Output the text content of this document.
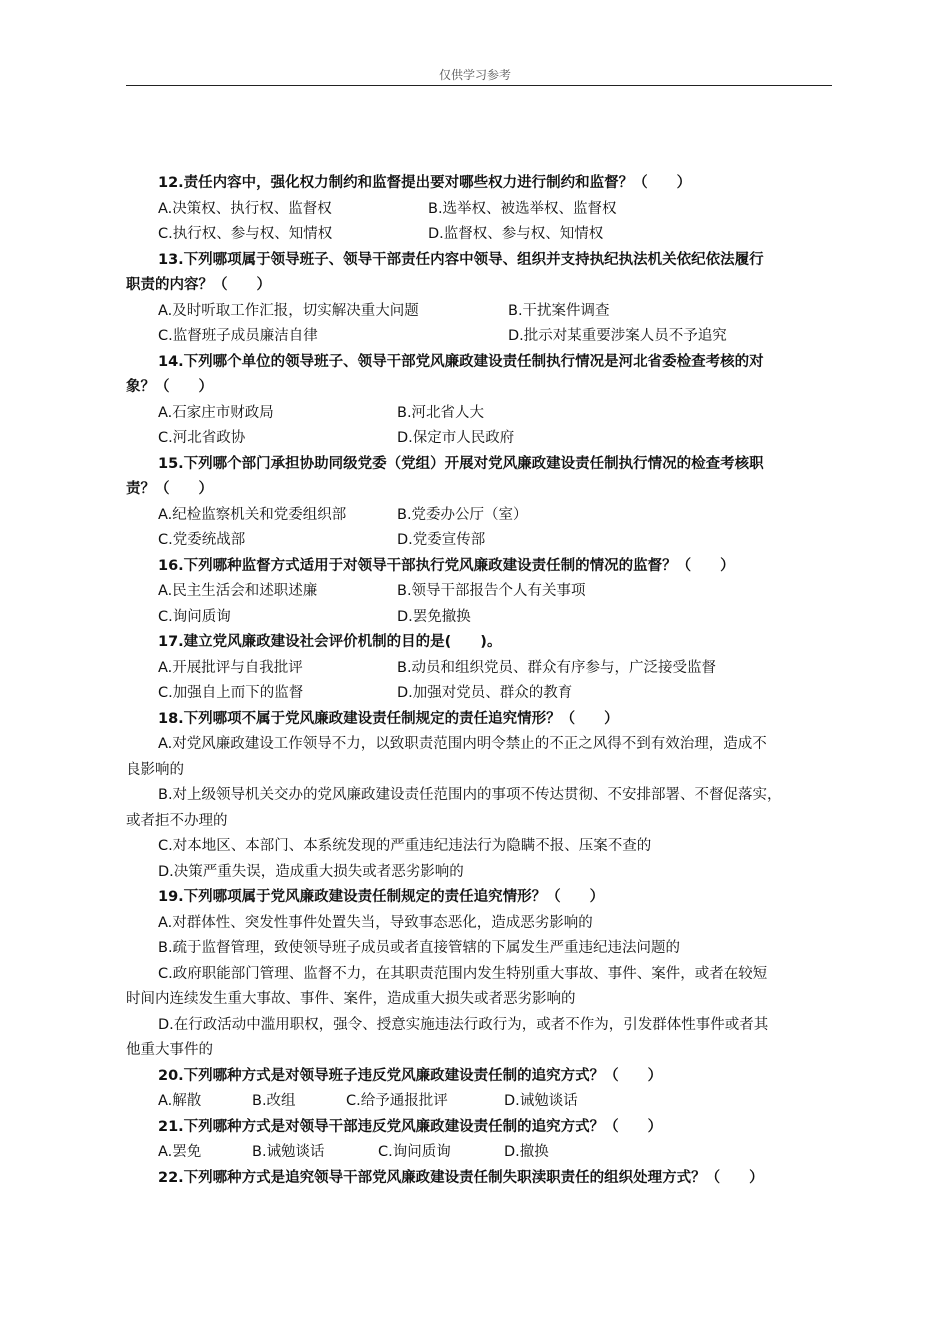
仅供学习参考
12.责任内容中，强化权力制约和监督提出要对哪些权力进行制约和监督？（　　）
A.决策权、执行权、监督权	B.选举权、被选举权、监督权
C.执行权、参与权、知情权	D.监督权、参与权、知情权
13.下列哪项属于领导班子、领导干部责任内容中领导、组织并支持执纪执法机关依纪依法履行
职责的内容？（　　）
A.及时听取工作汇报，切实解决重大问题	B.干扰案件调查
C.监督班子成员廉洁自律	D.批示对某重要涉案人员不予追究
14.下列哪个单位的领导班子、领导干部党风廉政建设责任制执行情况是河北省委检查考核的对
象？（　　）
A.石家庄市财政局	B.河北省人大
C.河北省政协	D.保定市人民政府
15.下列哪个部门承担协助同级党委（党组）开展对党风廉政建设责任制执行情况的检查考核职
责？（　　）
A.纪检监察机关和党委组织部	B.党委办公厅（室）
C.党委统战部	D.党委宣传部
16.下列哪种监督方式适用于对领导干部执行党风廉政建设责任制的情况的监督？（　　）
A.民主生活会和述职述廉	B.领导干部报告个人有关事项
C.询问质询	D.罢免撤换
17.建立党风廉政建设社会评价机制的目的是(　　)。
A.开展批评与自我批评	B.动员和组织党员、群众有序参与，广泛接受监督
C.加强自上而下的监督	D.加强对党员、群众的教育
18.下列哪项不属于党风廉政建设责任制规定的责任追究情形？（　　）
A.对党风廉政建设工作领导不力，以致职责范围内明令禁止的不正之风得不到有效治理，造成不
良影响的
B.对上级领导机关交办的党风廉政建设责任范围内的事项不传达贯彻、不安排部署、不督促落实，
或者拒不办理的
C.对本地区、本部门、本系统发现的严重违纪违法行为隐瞒不报、压案不查的
D.决策严重失误，造成重大损失或者恶劣影响的
19.下列哪项属于党风廉政建设责任制规定的责任追究情形？（　　）
A.对群体性、突发性事件处置失当，导致事态恶化，造成恶劣影响的
B.疏于监督管理，致使领导班子成员或者直接管辖的下属发生严重违纪违法问题的
C.政府职能部门管理、监督不力，在其职责范围内发生特别重大事故、事件、案件，或者在较短
时间内连续发生重大事故、事件、案件，造成重大损失或者恶劣影响的
D.在行政活动中滥用职权，强令、授意实施违法行政行为，或者不作为，引发群体性事件或者其
他重大事件的
20.下列哪种方式是对领导班子违反党风廉政建设责任制的追究方式？（　　）
A.解散	B.改组	C.给予通报批评	D.诫勉谈话
21.下列哪种方式是对领导干部违反党风廉政建设责任制的追究方式？（　　）
A.罢免	B.诫勉谈话	C.询问质询	D.撤换
22.下列哪种方式是追究领导干部党风廉政建设责任制失职渎职责任的组织处理方式？（　　）
